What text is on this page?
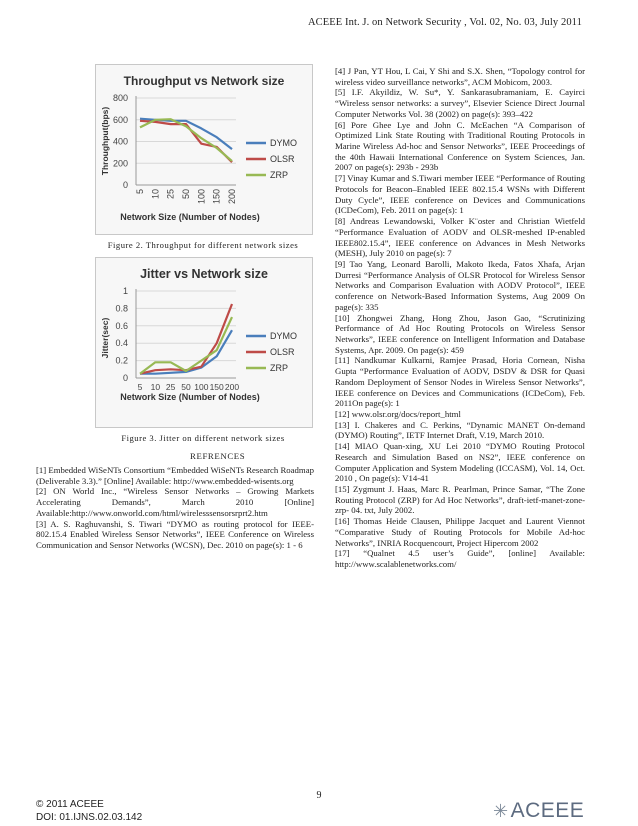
ACEEE Int. J. on Network Security , Vol. 02, No. 03, July 2011
Throughput vs Network size
0
200
400
600
800
5 10 25 50 100 150 200
Throughput(bps)
Network Size (Number of Nodes)
DYMO
OLSR
ZRP
Figure 2. Throughput for different network sizes
Jitter vs Network size
0
0.2
0.4
0.6
0.8
1
5 10 25 50 100 150 200
Jitter(sec)
Network Size (Number of Nodes)
DYMO
OLSR
ZRP
Figure 3. Jitter on different network sizes
REFRENCES

[1] Embedded WiSeNTs Consortium “Embedded WiSeNTs Research Roadmap (Deliverable 3.3).” [Online] Available: http://www.embedded-wisents.org

[2] ON World Inc., “Wireless Sensor Networks – Growing Markets Accelerating Demands”, March 2010 [Online] Available:http://www.onworld.com/html/wirelesssensorsrprt2.htm

[3] A. S. Raghuvanshi, S. Tiwari “DYMO as routing protocol for IEEE-802.15.4 Enabled Wireless Sensor Networks”, IEEE Conference on Wireless Communication and Sensor Networks (WCSN), Dec. 2010 on page(s): 1 - 6

[4] J Pan, YT Hou, L Cai, Y Shi and S.X. Shen, “Topology control for wireless video surveillance networks”, ACM Mobicom, 2003.

[5] I.F. Akyildiz, W. Su*, Y. Sankarasubramaniam, E. Cayirci “Wireless sensor networks: a survey”, Elsevier Science Direct Journal Computer Networks Vol. 38 (2002) on page(s): 393–422

[6] Pore Ghee Lye and John C. McEachen “A Comparison of Optimized Link State Routing with Traditional Routing Protocols in Marine Wireless Ad-hoc and Sensor Networks”, IEEE Proceedings of the 40th Hawaii International Conference on System Sciences, Jan. 2007 on page(s): 293b - 293b

[7] Vinay Kumar and S.Tiwari member IEEE “Performance of Routing Protocols for Beacon–Enabled IEEE 802.15.4 WSNs with Different Duty Cycle”, IEEE conference on Devices and Communications (ICDeCom), Feb. 2011 on page(s): 1

[8] Andreas Lewandowski, Volker K¨oster and Christian Wietfeld “Performance Evaluation of AODV and OLSR-meshed IP-enabled IEEE802.15.4”, IEEE conference on Advances in Mesh Networks (MESH), July 2010 on page(s): 7

[9] Tao Yang, Leonard Barolli, Makoto Ikeda, Fatos Xhafa, Arjan Durresi “Performance Analysis of OLSR Protocol for Wireless Sensor Networks and Comparison Evaluation with AODV Protocol”, IEEE conference on Network-Based Information Systems, Aug 2009 On page(s): 335

[10] Zhongwei Zhang, Hong Zhou, Jason Gao, “Scrutinizing Performance of Ad Hoc Routing Protocols on Wireless Sensor Networks”, IEEE conference on Intelligent Information and Database Systems, Apr. 2009. On page(s): 459

[11] Nandkumar Kulkarni, Ramjee Prasad, Horia Cornean, Nisha Gupta “Performance Evaluation of AODV, DSDV & DSR for Quasi Random Deployment of Sensor Nodes in Wireless Sensor Networks”, IEEE conference on Devices and Communications (ICDeCom), Feb. 2011On page(s): 1

[12] www.olsr.org/docs/report_html

[13] I. Chakeres and C. Perkins, “Dynamic MANET On-demand (DYMO) Routing”, IETF Internet Draft, V.19, March 2010.

[14] MIAO Quan-xing, XU Lei 2010 “DYMO Routing Protocol Research and Simulation Based on NS2”, IEEE conference on Computer Application and System Modeling (ICCASM), Vol. 14, Oct. 2010 , On page(s): V14-41

[15] Zygmunt J. Haas, Marc R. Pearlman, Prince Samar, “The Zone Routing Protocol (ZRP) for Ad Hoc Networks”, draft-ietf-manet-zone-zrp- 04. txt, July 2002.

[16] Thomas Heide Clausen, Philippe Jacquet and Laurent Viennot “Comparative Study of Routing Protocols for Mobile Ad-hoc Networks”, INRIA Rocquencourt, Project Hipercom 2002

[17] “Qualnet 4.5 user’s Guide”, [online] Available: http://www.scalablenetworks.com/

9
© 2011 ACEEE
DOI: 01.IJNS.02.03.142	✳ACEEE
